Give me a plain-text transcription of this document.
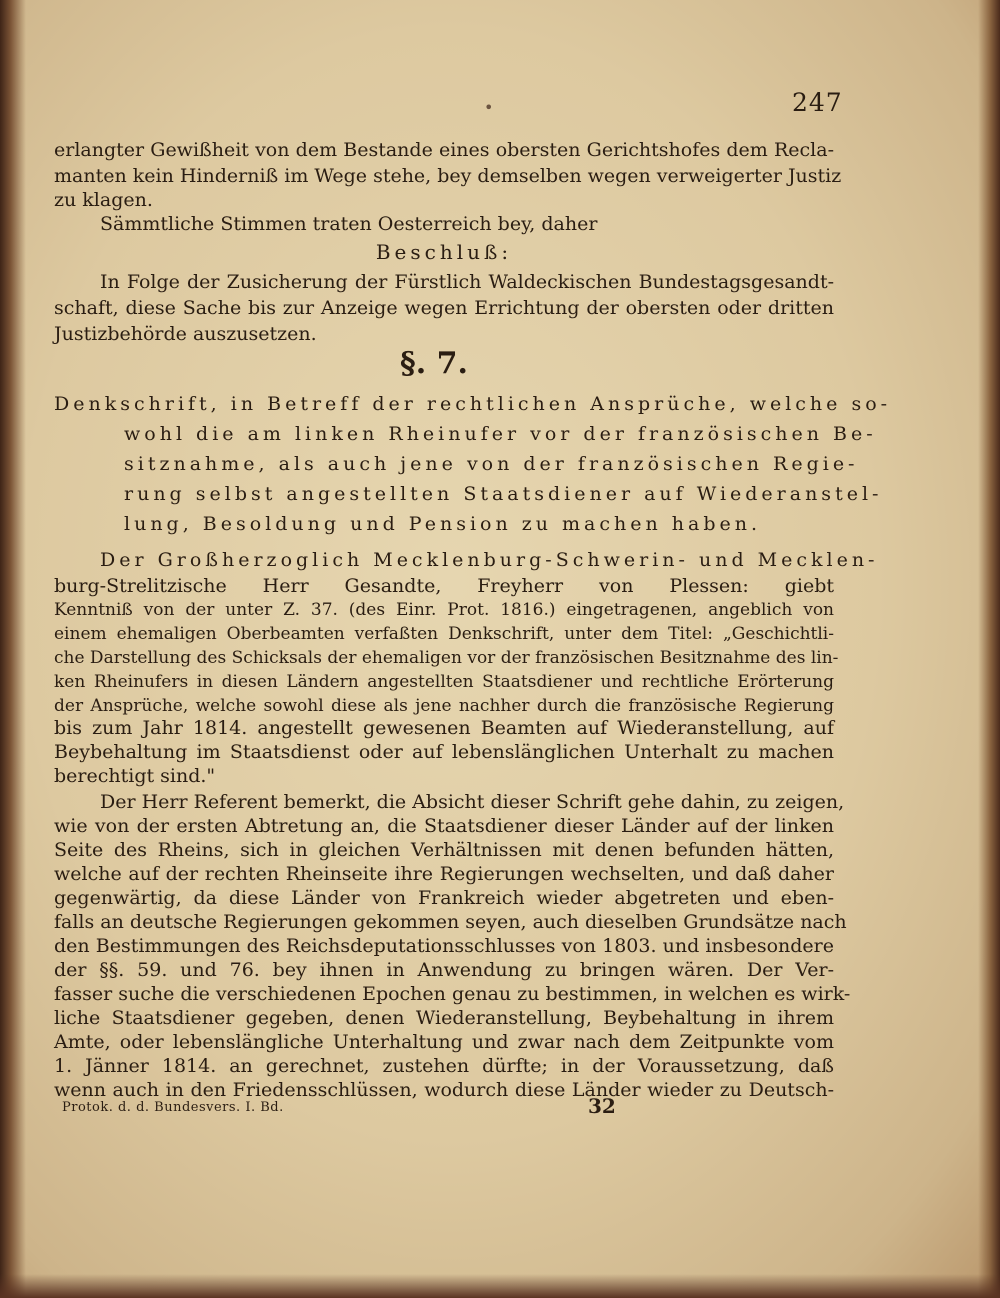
•	247
erlangter Gewißheit von dem Bestande eines obersten Gerichtshofes dem Recla-
manten kein Hinderniß im Wege stehe, bey demselben wegen verweigerter Justiz
zu klagen.
Sämmtliche Stimmen traten Oesterreich bey, daher
Beschluß:
In Folge der Zusicherung der Fürstlich Waldeckischen Bundestagsgesandt-
schaft, diese Sache bis zur Anzeige wegen Errichtung der obersten oder dritten
Justizbehörde auszusetzen.
§. 7.
Denkschrift, in Betreff der rechtlichen Ansprüche, welche so-
wohl die am linken Rheinufer vor der französischen Be-
sitznahme, als auch jene von der französischen Regie-
rung selbst angestellten Staatsdiener auf Wiederanstel-
lung, Besoldung und Pension zu machen haben.
Der Großherzoglich Mecklenburg-Schwerin- und Mecklen-
burg-Strelitzische Herr Gesandte, Freyherr von Plessen: giebt
Kenntniß von der unter Z. 37. (des Einr. Prot. 1816.) eingetragenen, angeblich von
einem ehemaligen Oberbeamten verfaßten Denkschrift, unter dem Titel: „Geschichtli-
che Darstellung des Schicksals der ehemaligen vor der französischen Besitznahme des lin-
ken Rheinufers in diesen Ländern angestellten Staatsdiener und rechtliche Erörterung
der Ansprüche, welche sowohl diese als jene nachher durch die französische Regierung
bis zum Jahr 1814. angestellt gewesenen Beamten auf Wiederanstellung, auf
Beybehaltung im Staatsdienst oder auf lebenslänglichen Unterhalt zu machen
berechtigt sind."
Der Herr Referent bemerkt, die Absicht dieser Schrift gehe dahin, zu zeigen,
wie von der ersten Abtretung an, die Staatsdiener dieser Länder auf der linken
Seite des Rheins, sich in gleichen Verhältnissen mit denen befunden hätten,
welche auf der rechten Rheinseite ihre Regierungen wechselten, und daß daher
gegenwärtig, da diese Länder von Frankreich wieder abgetreten und eben-
falls an deutsche Regierungen gekommen seyen, auch dieselben Grundsätze nach
den Bestimmungen des Reichsdeputationsschlusses von 1803. und insbesondere
der §§. 59. und 76. bey ihnen in Anwendung zu bringen wären. Der Ver-
fasser suche die verschiedenen Epochen genau zu bestimmen, in welchen es wirk-
liche Staatsdiener gegeben, denen Wiederanstellung, Beybehaltung in ihrem
Amte, oder lebenslängliche Unterhaltung und zwar nach dem Zeitpunkte vom
1. Jänner 1814. an gerechnet, zustehen dürfte; in der Voraussetzung, daß
wenn auch in den Friedensschlüssen, wodurch diese Länder wieder zu Deutsch-
Protok. d. d. Bundesvers. I. Bd.	32
